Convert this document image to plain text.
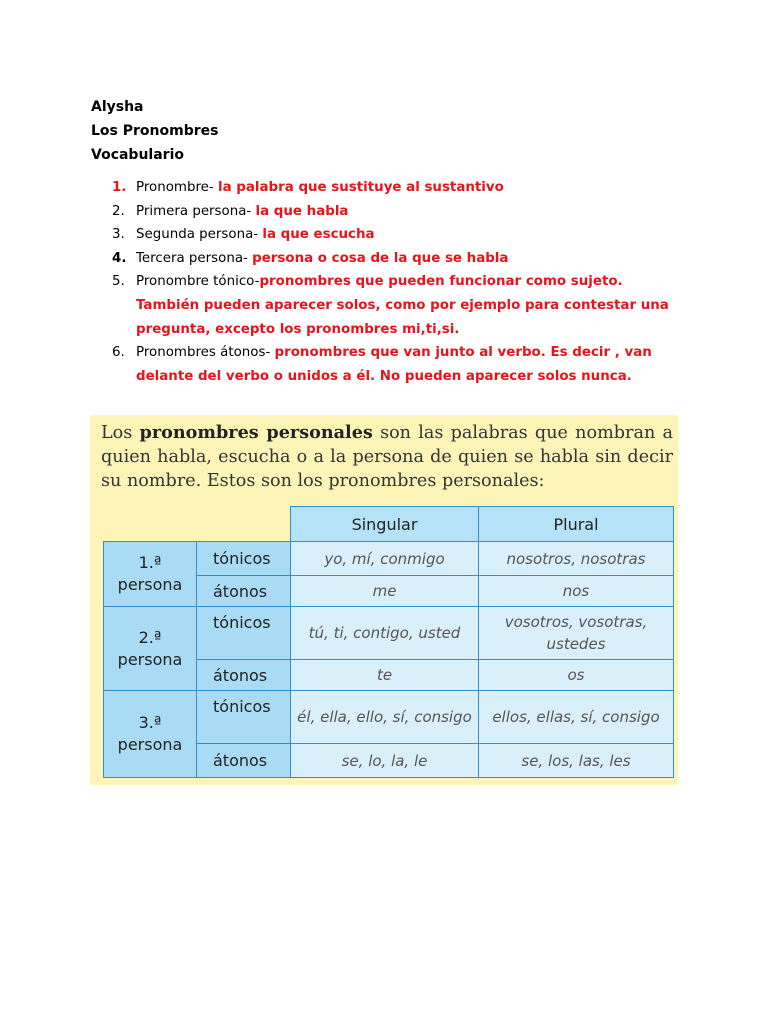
Alysha
Los Pronombres
Vocabulario
1. Pronombre- la palabra que sustituye al sustantivo
2. Primera persona- la que habla
3. Segunda persona- la que escucha
4. Tercera persona- persona o cosa de la que se habla
5. Pronombre tónico-pronombres que pueden funcionar como sujeto. También pueden aparecer solos, como por ejemplo para contestar una pregunta, excepto los pronombres mi,ti,si.
6. Pronombres átonos- pronombres que van junto al verbo. Es decir , van delante del verbo o unidos a él. No pueden aparecer solos nunca.
Los pronombres personales son las palabras que nombran a quien habla, escucha o a la persona de quien se habla sin decir su nombre. Estos son los pronombres personales:
		Singular	Plural

1.ª
persona	tónicos	yo, mí, conmigo	nosotros, nosotras
	átonos	me	nos

2.ª
persona	tónicos	tú, ti, contigo, usted	vosotros, vosotras, ustedes
	átonos	te	os

3.ª
persona	tónicos	él, ella, ello, sí, consigo	ellos, ellas, sí, consigo
	átonos	se, lo, la, le	se, los, las, les
